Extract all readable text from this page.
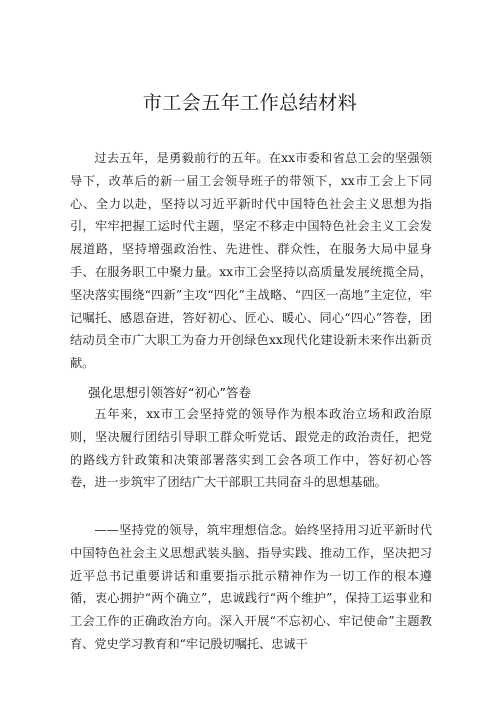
市工会五年工作总结材料

过去五年，是勇毅前行的五年。在xx市委和省总工会的坚强领导下，改革后的新一届工会领导班子的带领下，xx市工会上下同心、全力以赴，坚持以习近平新时代中国特色社会主义思想为指引，牢牢把握工运时代主题，坚定不移走中国特色社会主义工会发展道路，坚持增强政治性、先进性、群众性，在服务大局中显身手、在服务职工中聚力量。xx市工会坚持以高质量发展统揽全局，坚决落实围绕“四新”主攻“四化”主战略、“四区一高地”主定位，牢记嘱托、感恩奋进，答好初心、匠心、暖心、同心“四心”答卷，团结动员全市广大职工为奋力开创绿色xx现代化建设新未来作出新贡献。

强化思想引领答好“初心”答卷

五年来，xx市工会坚持党的领导作为根本政治立场和政治原则，坚决履行团结引导职工群众听党话、跟党走的政治责任，把党的路线方针政策和决策部署落实到工会各项工作中，答好初心答卷，进一步筑牢了团结广大干部职工共同奋斗的思想基础。

——坚持党的领导，筑牢理想信念。始终坚持用习近平新时代中国特色社会主义思想武装头脑、指导实践、推动工作，坚决把习近平总书记重要讲话和重要指示批示精神作为一切工作的根本遵循，衷心拥护“两个确立”，忠诚践行“两个维护”，保持工运事业和工会工作的正确政治方向。深入开展“不忘初心、牢记使命”主题教育、党史学习教育和“牢记殷切嘱托、忠诚干
